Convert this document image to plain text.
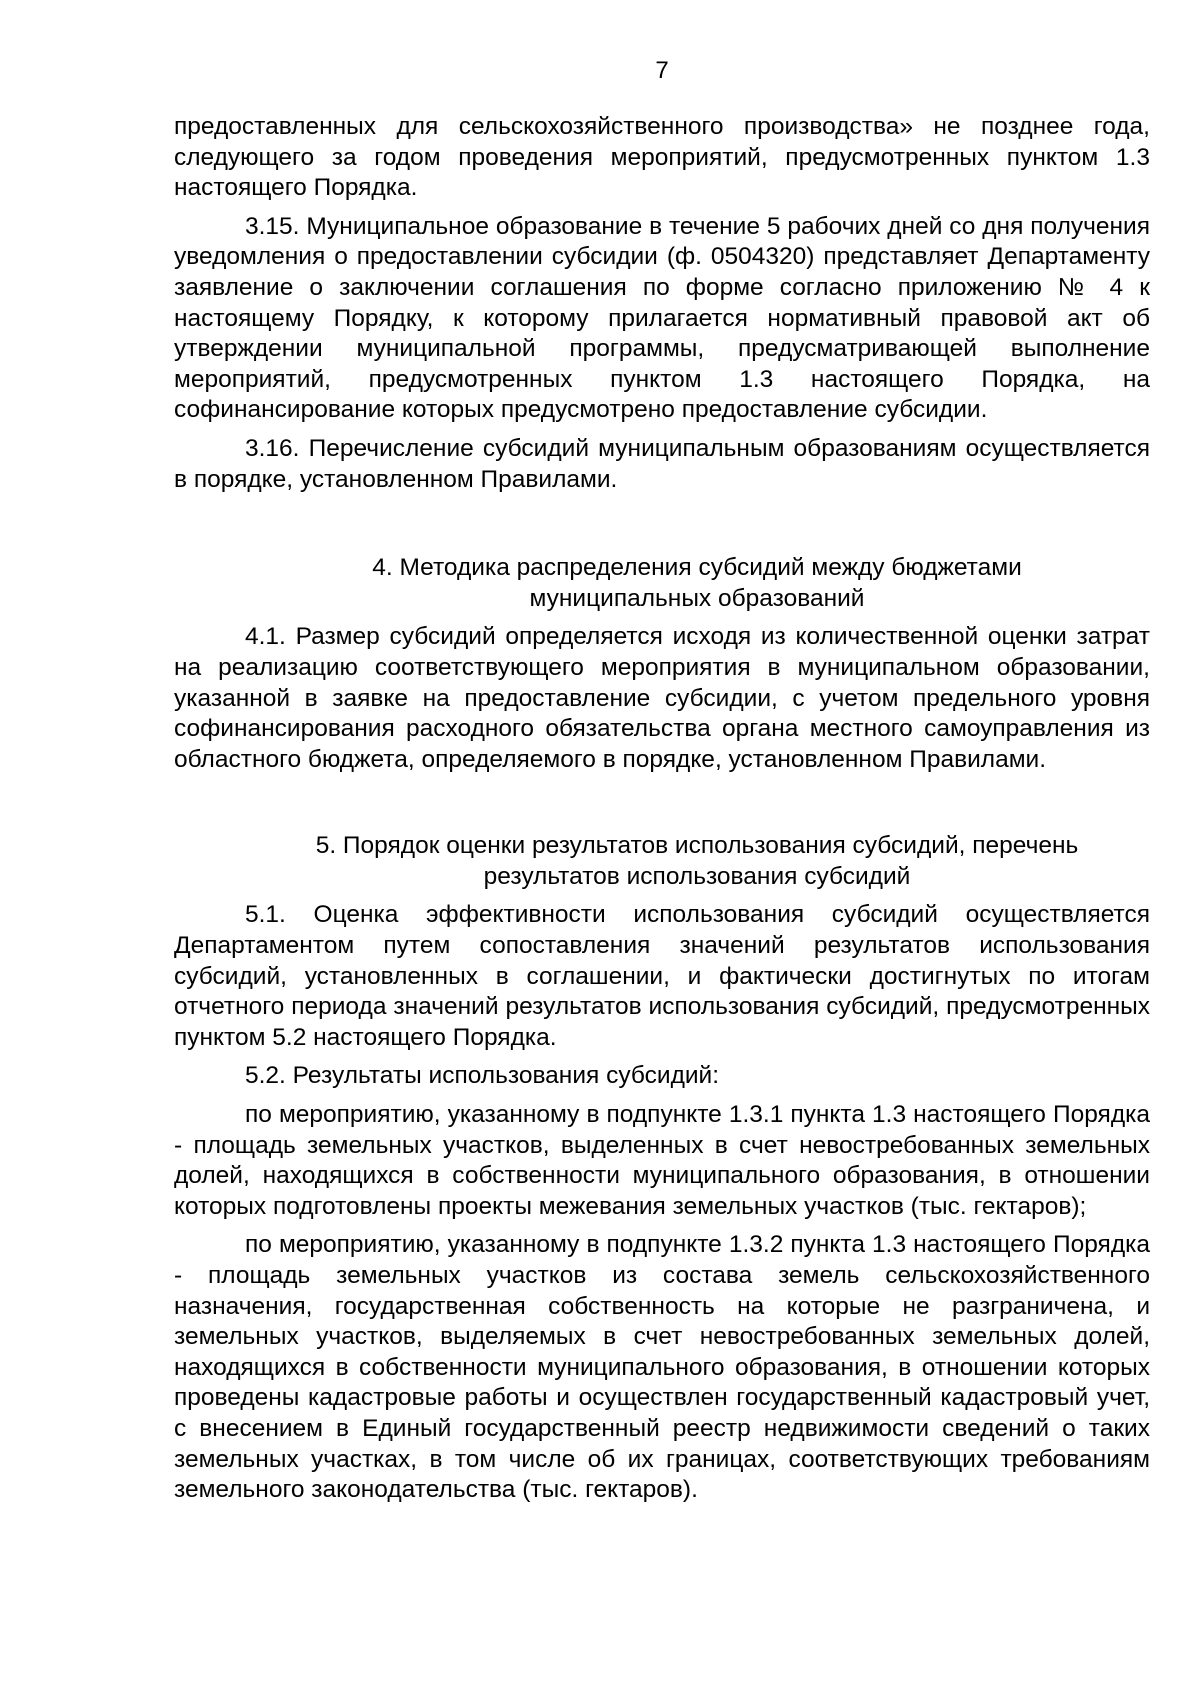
7

предоставленных для сельскохозяйственного производства» не позднее года, следующего за годом проведения мероприятий, предусмотренных пунктом 1.3 настоящего Порядка.

3.15. Муниципальное образование в течение 5 рабочих дней со дня получения уведомления о предоставлении субсидии (ф. 0504320) представляет Департаменту заявление о заключении соглашения по форме согласно приложению № 4 к настоящему Порядку, к которому прилагается нормативный правовой акт об утверждении муниципальной программы, предусматривающей выполнение мероприятий, предусмотренных пунктом 1.3 настоящего Порядка, на софинансирование которых предусмотрено предоставление субсидии.

3.16. Перечисление субсидий муниципальным образованиям осуществляется в порядке, установленном Правилами.

4. Методика распределения субсидий между бюджетами
муниципальных образований

4.1. Размер субсидий определяется исходя из количественной оценки затрат на реализацию соответствующего мероприятия в муниципальном образовании, указанной в заявке на предоставление субсидии, с учетом предельного уровня софинансирования расходного обязательства органа местного самоуправления из областного бюджета, определяемого в порядке, установленном Правилами.

5. Порядок оценки результатов использования субсидий, перечень
результатов использования субсидий

5.1. Оценка эффективности использования субсидий осуществляется Департаментом путем сопоставления значений результатов использования субсидий, установленных в соглашении, и фактически достигнутых по итогам отчетного периода значений результатов использования субсидий, предусмотренных пунктом 5.2 настоящего Порядка.

5.2. Результаты использования субсидий:

по мероприятию, указанному в подпункте 1.3.1 пункта 1.3 настоящего Порядка - площадь земельных участков, выделенных в счет невостребованных земельных долей, находящихся в собственности муниципального образования, в отношении которых подготовлены проекты межевания земельных участков (тыс. гектаров);

по мероприятию, указанному в подпункте 1.3.2 пункта 1.3 настоящего Порядка - площадь земельных участков из состава земель сельскохозяйственного назначения, государственная собственность на которые не разграничена, и земельных участков, выделяемых в счет невостребованных земельных долей, находящихся в собственности муниципального образования, в отношении которых проведены кадастровые работы и осуществлен государственный кадастровый учет, с внесением в Единый государственный реестр недвижимости сведений о таких земельных участках, в том числе об их границах, соответствующих требованиям земельного законодательства (тыс. гектаров).
